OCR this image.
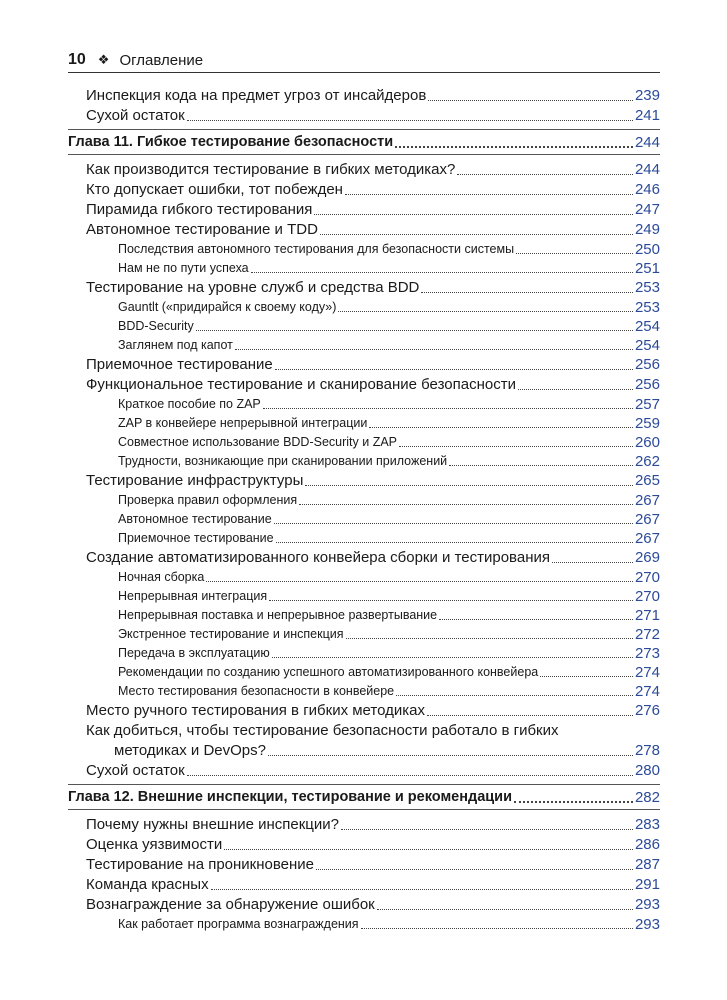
10 ❖ Оглавление
Инспекция кода на предмет угроз от инсайдеров	239
Сухой остаток	241
Глава 11. Гибкое тестирование безопасности	244
Как производится тестирование в гибких методиках?	244
Кто допускает ошибки, тот побежден	246
Пирамида гибкого тестирования	247
Автономное тестирование и TDD	249
Последствия автономного тестирования для безопасности системы	250
Нам не по пути успеха	251
Тестирование на уровне служб и средства BDD	253
Gauntlt («придирайся к своему коду»)	253
BDD-Security	254
Заглянем под капот	254
Приемочное тестирование	256
Функциональное тестирование и сканирование безопасности	256
Краткое пособие по ZAP	257
ZAP в конвейере непрерывной интеграции	259
Совместное использование BDD-Security и ZAP	260
Трудности, возникающие при сканировании приложений	262
Тестирование инфраструктуры	265
Проверка правил оформления	267
Автономное тестирование	267
Приемочное тестирование	267
Создание автоматизированного конвейера сборки и тестирования	269
Ночная сборка	270
Непрерывная интеграция	270
Непрерывная поставка и непрерывное развертывание	271
Экстренное тестирование и инспекция	272
Передача в эксплуатацию	273
Рекомендации по созданию успешного автоматизированного конвейера	274
Место тестирования безопасности в конвейере	274
Место ручного тестирования в гибких методиках	276
Как добиться, чтобы тестирование безопасности работало в гибких
методиках и DevOps?	278
Сухой остаток	280
Глава 12. Внешние инспекции, тестирование и рекомендации	282
Почему нужны внешние инспекции?	283
Оценка уязвимости	286
Тестирование на проникновение	287
Команда красных	291
Вознаграждение за обнаружение ошибок	293
Как работает программа вознаграждения	293
